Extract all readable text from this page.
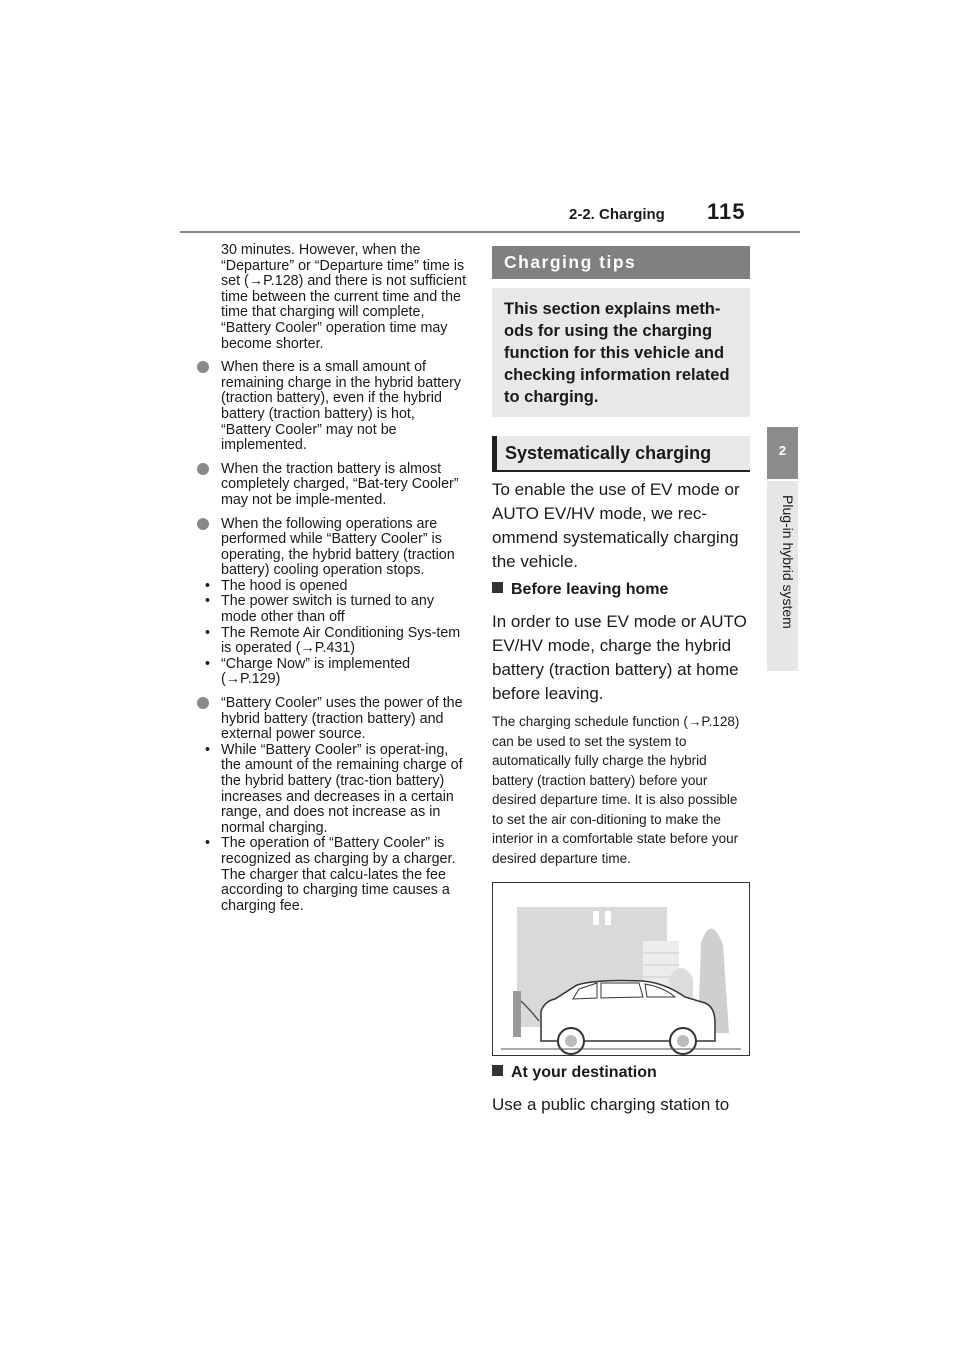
2-2. Charging 115
2
Plug-in hybrid system
30 minutes. However, when the “Departure” or “Departure time” time is set (→P.128) and there is not sufficient time between the current time and the time that charging will complete, “Battery Cooler” operation time may become shorter.
When there is a small amount of remaining charge in the hybrid battery (traction battery), even if the hybrid battery (traction battery) is hot, “Battery Cooler” may not be implemented.
When the traction battery is almost completely charged, “Bat-tery Cooler” may not be imple-mented.
When the following operations are performed while “Battery Cooler” is operating, the hybrid battery (traction battery) cooling operation stops.
• The hood is opened
• The power switch is turned to any mode other than off
• The Remote Air Conditioning Sys-tem is operated (→P.431)
• “Charge Now” is implemented (→P.129)
“Battery Cooler” uses the power of the hybrid battery (traction battery) and external power source.
• While “Battery Cooler” is operat-ing, the amount of the remaining charge of the hybrid battery (trac-tion battery) increases and decreases in a certain range, and does not increase as in normal charging.
• The operation of “Battery Cooler” is recognized as charging by a charger. The charger that calcu-lates the fee according to charging time causes a charging fee.
Charging tips
This section explains meth-ods for using the charging function for this vehicle and checking information related to charging.
Systematically charging
To enable the use of EV mode or AUTO EV/HV mode, we rec-ommend systematically charging the vehicle.
Before leaving home
In order to use EV mode or AUTO EV/HV mode, charge the hybrid battery (traction battery) at home before leaving.
The charging schedule function (→P.128) can be used to set the system to automatically fully charge the hybrid battery (traction battery) before your desired departure time. It is also possible to set the air con-ditioning to make the interior in a comfortable state before your desired departure time.
At your destination
Use a public charging station to
